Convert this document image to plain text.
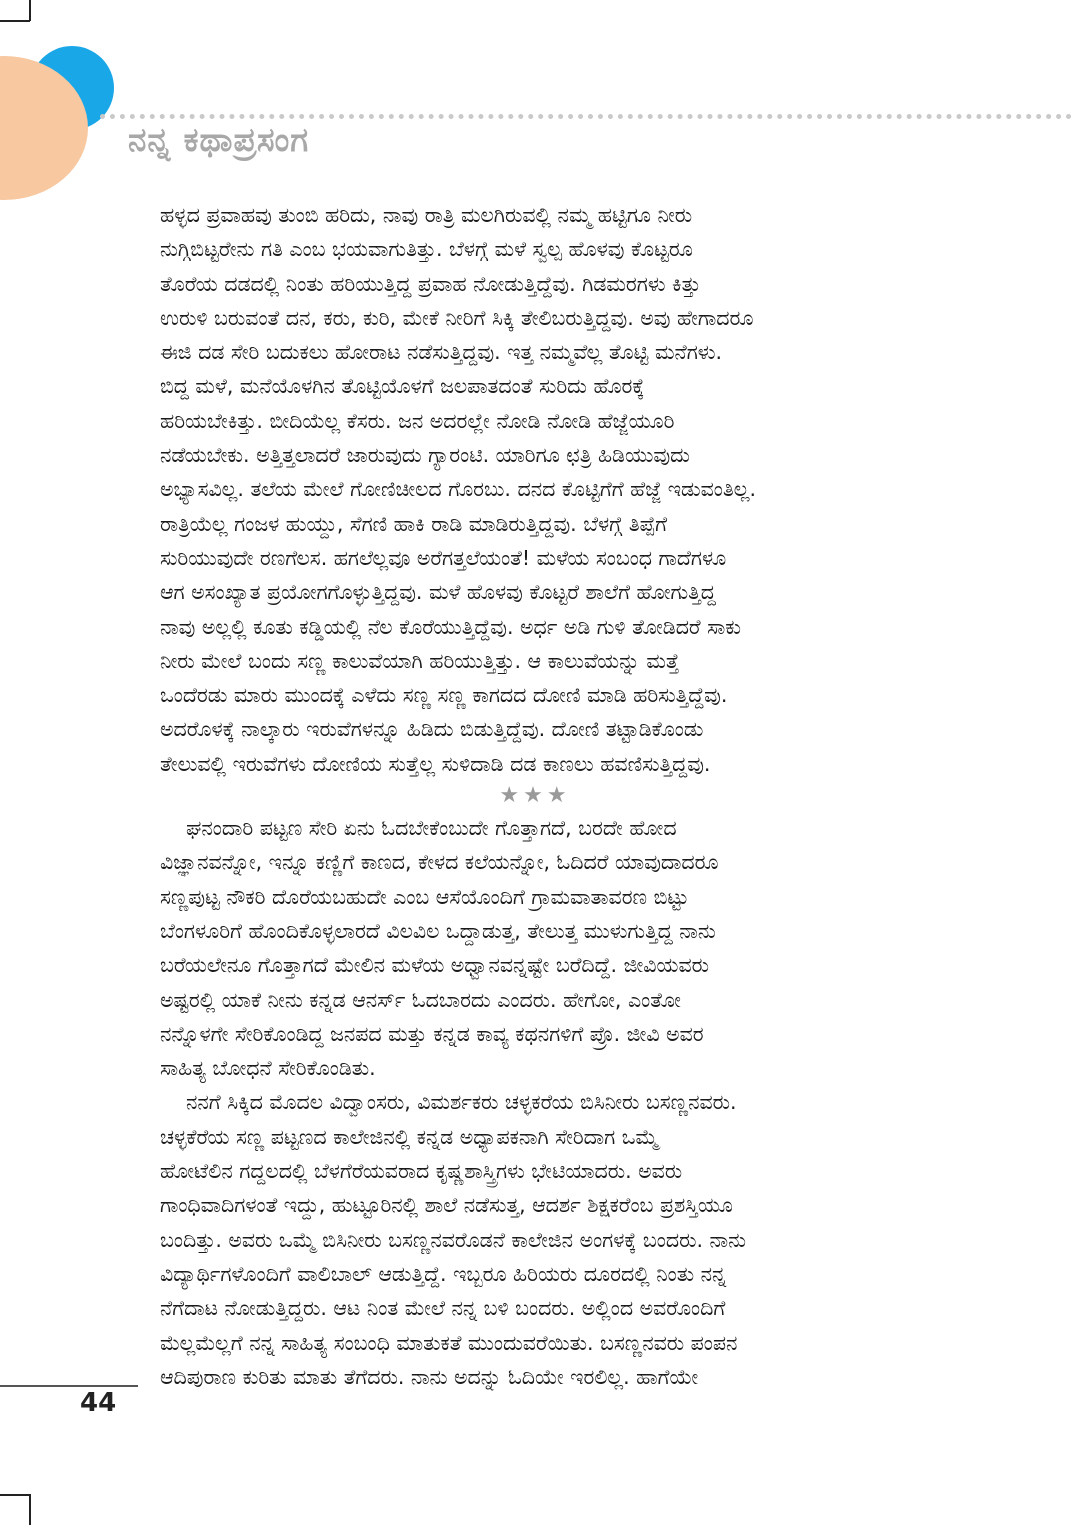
ನನ್ನ ಕಥಾಪ್ರಸಂಗ
ಹಳ್ಳದ ಪ್ರವಾಹವು ತುಂಬಿ ಹರಿದು, ನಾವು ರಾತ್ರಿ ಮಲಗಿರುವಲ್ಲಿ ನಮ್ಮ ಹಟ್ಟಿಗೂ ನೀರು
ನುಗ್ಗಿಬಿಟ್ಟರೇನು ಗತಿ ಎಂಬ ಭಯವಾಗುತಿತ್ತು. ಬೆಳಗ್ಗೆ ಮಳೆ ಸ್ವಲ್ಪ ಹೊಳವು ಕೊಟ್ಟರೂ
ತೊರೆಯ ದಡದಲ್ಲಿ ನಿಂತು ಹರಿಯುತ್ತಿದ್ದ ಪ್ರವಾಹ ನೋಡುತ್ತಿದ್ದೆವು. ಗಿಡಮರಗಳು ಕಿತ್ತು
ಉರುಳಿ ಬರುವಂತೆ ದನ, ಕರು, ಕುರಿ, ಮೇಕೆ ನೀರಿಗೆ ಸಿಕ್ಕಿ ತೇಲಿಬರುತ್ತಿದ್ದವು. ಅವು ಹೇಗಾದರೂ
ಈಜಿ ದಡ ಸೇರಿ ಬದುಕಲು ಹೋರಾಟ ನಡೆಸುತ್ತಿದ್ದವು. ಇತ್ತ ನಮ್ಮವೆಲ್ಲ ತೊಟ್ಟಿ ಮನೆಗಳು.
ಬಿದ್ದ ಮಳೆ, ಮನೆಯೊಳಗಿನ ತೊಟ್ಟಿಯೊಳಗೆ ಜಲಪಾತದಂತೆ ಸುರಿದು ಹೊರಕ್ಕೆ
ಹರಿಯಬೇಕಿತ್ತು. ಬೀದಿಯೆಲ್ಲ ಕೆಸರು. ಜನ ಅದರಲ್ಲೇ ನೋಡಿ ನೋಡಿ ಹೆಜ್ಜೆಯೂರಿ
ನಡೆಯಬೇಕು. ಅತ್ತಿತ್ತಲಾದರೆ ಜಾರುವುದು ಗ್ಯಾರಂಟಿ. ಯಾರಿಗೂ ಛತ್ರಿ ಹಿಡಿಯುವುದು
ಅಭ್ಯಾಸವಿಲ್ಲ. ತಲೆಯ ಮೇಲೆ ಗೋಣಿಚೀಲದ ಗೊರಬು. ದನದ ಕೊಟ್ಟಿಗೆಗೆ ಹೆಜ್ಜೆ ಇಡುವಂತಿಲ್ಲ.
ರಾತ್ರಿಯೆಲ್ಲ ಗಂಜಳ ಹುಯ್ದು, ಸೆಗಣಿ ಹಾಕಿ ರಾಡಿ ಮಾಡಿರುತ್ತಿದ್ದವು. ಬೆಳಗ್ಗೆ ತಿಪ್ಪೆಗೆ
ಸುರಿಯುವುದೇ ರಣಗೆಲಸ. ಹಗಲೆಲ್ಲವೂ ಅರೆಗತ್ತಲೆಯಂತೆ! ಮಳೆಯ ಸಂಬಂಧ ಗಾದೆಗಳೂ
ಆಗ ಅಸಂಖ್ಯಾತ ಪ್ರಯೋಗಗೊಳ್ಳುತ್ತಿದ್ದವು. ಮಳೆ ಹೊಳವು ಕೊಟ್ಟರೆ ಶಾಲೆಗೆ ಹೋಗುತ್ತಿದ್ದ
ನಾವು ಅಲ್ಲಲ್ಲಿ ಕೂತು ಕಡ್ಡಿಯಲ್ಲಿ ನೆಲ ಕೊರೆಯುತ್ತಿದ್ದೆವು. ಅರ್ಧ ಅಡಿ ಗುಳಿ ತೋಡಿದರೆ ಸಾಕು
ನೀರು ಮೇಲೆ ಬಂದು ಸಣ್ಣ ಕಾಲುವೆಯಾಗಿ ಹರಿಯುತ್ತಿತ್ತು. ಆ ಕಾಲುವೆಯನ್ನು ಮತ್ತೆ
ಒಂದೆರಡು ಮಾರು ಮುಂದಕ್ಕೆ ಎಳೆದು ಸಣ್ಣ ಸಣ್ಣ ಕಾಗದದ ದೋಣಿ ಮಾಡಿ ಹರಿಸುತ್ತಿದ್ದೆವು.
ಅದರೊಳಕ್ಕೆ ನಾಲ್ಕಾರು ಇರುವೆಗಳನ್ನೂ ಹಿಡಿದು ಬಿಡುತ್ತಿದ್ದೆವು. ದೋಣಿ ತಟ್ಟಾಡಿಕೊಂಡು
ತೇಲುವಲ್ಲಿ ಇರುವೆಗಳು ದೋಣಿಯ ಸುತ್ತೆಲ್ಲ ಸುಳಿದಾಡಿ ದಡ ಕಾಣಲು ಹವಣಿಸುತ್ತಿದ್ದವು.
★★★
ಘನಂದಾರಿ ಪಟ್ಟಣ ಸೇರಿ ಏನು ಓದಬೇಕೆಂಬುದೇ ಗೊತ್ತಾಗದೆ, ಬರದೇ ಹೋದ
ವಿಜ್ಞಾನವನ್ನೋ, ಇನ್ನೂ ಕಣ್ಣಿಗೆ ಕಾಣದ, ಕೇಳದ ಕಲೆಯನ್ನೋ, ಓದಿದರೆ ಯಾವುದಾದರೂ
ಸಣ್ಣಪುಟ್ಟ ನೌಕರಿ ದೊರೆಯಬಹುದೇ ಎಂಬ ಆಸೆಯೊಂದಿಗೆ ಗ್ರಾಮವಾತಾವರಣ ಬಿಟ್ಟು
ಬೆಂಗಳೂರಿಗೆ ಹೊಂದಿಕೊಳ್ಳಲಾರದೆ ವಿಲವಿಲ ಒದ್ದಾಡುತ್ತ, ತೇಲುತ್ತ ಮುಳುಗುತ್ತಿದ್ದ ನಾನು
ಬರೆಯಲೇನೂ ಗೊತ್ತಾಗದೆ ಮೇಲಿನ ಮಳೆಯ ಅಧ್ವಾನವನ್ನಷ್ಟೇ ಬರೆದಿದ್ದೆ. ಜೀವಿಯವರು
ಅಷ್ಟರಲ್ಲಿ ಯಾಕೆ ನೀನು ಕನ್ನಡ ಆನರ್ಸ್ ಓದಬಾರದು ಎಂದರು. ಹೇಗೋ, ಎಂತೋ
ನನ್ನೊಳಗೇ ಸೇರಿಕೊಂಡಿದ್ದ ಜನಪದ ಮತ್ತು ಕನ್ನಡ ಕಾವ್ಯ ಕಥನಗಳಿಗೆ ಪ್ರೊ. ಜೀವಿ ಅವರ
ಸಾಹಿತ್ಯ ಬೋಧನೆ ಸೇರಿಕೊಂಡಿತು.
ನನಗೆ ಸಿಕ್ಕಿದ ಮೊದಲ ವಿದ್ವಾಂಸರು, ವಿಮರ್ಶಕರು ಚಳ್ಳಕರೆಯ ಬಿಸಿನೀರು ಬಸಣ್ಣನವರು.
ಚಳ್ಳಕೆರೆಯ ಸಣ್ಣ ಪಟ್ಟಣದ ಕಾಲೇಜಿನಲ್ಲಿ ಕನ್ನಡ ಅಧ್ಯಾಪಕನಾಗಿ ಸೇರಿದಾಗ ಒಮ್ಮೆ
ಹೋಟೆಲಿನ ಗದ್ದಲದಲ್ಲಿ ಬೆಳಗೆರೆಯವರಾದ ಕೃಷ್ಣಶಾಸ್ತ್ರಿಗಳು ಭೇಟಿಯಾದರು. ಅವರು
ಗಾಂಧಿವಾದಿಗಳಂತೆ ಇದ್ದು, ಹುಟ್ಟೂರಿನಲ್ಲಿ ಶಾಲೆ ನಡೆಸುತ್ತ, ಆದರ್ಶ ಶಿಕ್ಷಕರೆಂಬ ಪ್ರಶಸ್ತಿಯೂ
ಬಂದಿತ್ತು. ಅವರು ಒಮ್ಮೆ ಬಿಸಿನೀರು ಬಸಣ್ಣನವರೊಡನೆ ಕಾಲೇಜಿನ ಅಂಗಳಕ್ಕೆ ಬಂದರು. ನಾನು
ವಿದ್ಯಾರ್ಥಿಗಳೊಂದಿಗೆ ವಾಲಿಬಾಲ್ ಆಡುತ್ತಿದ್ದೆ. ಇಬ್ಬರೂ ಹಿರಿಯರು ದೂರದಲ್ಲಿ ನಿಂತು ನನ್ನ
ನೆಗೆದಾಟ ನೋಡುತ್ತಿದ್ದರು. ಆಟ ನಿಂತ ಮೇಲೆ ನನ್ನ ಬಳಿ ಬಂದರು. ಅಲ್ಲಿಂದ ಅವರೊಂದಿಗೆ
ಮೆಲ್ಲಮೆಲ್ಲಗೆ ನನ್ನ ಸಾಹಿತ್ಯ ಸಂಬಂಧಿ ಮಾತುಕತೆ ಮುಂದುವರೆಯಿತು. ಬಸಣ್ಣನವರು ಪಂಪನ
ಆದಿಪುರಾಣ ಕುರಿತು ಮಾತು ತೆಗೆದರು. ನಾನು ಅದನ್ನು ಓದಿಯೇ ಇರಲಿಲ್ಲ. ಹಾಗೆಯೇ
44
